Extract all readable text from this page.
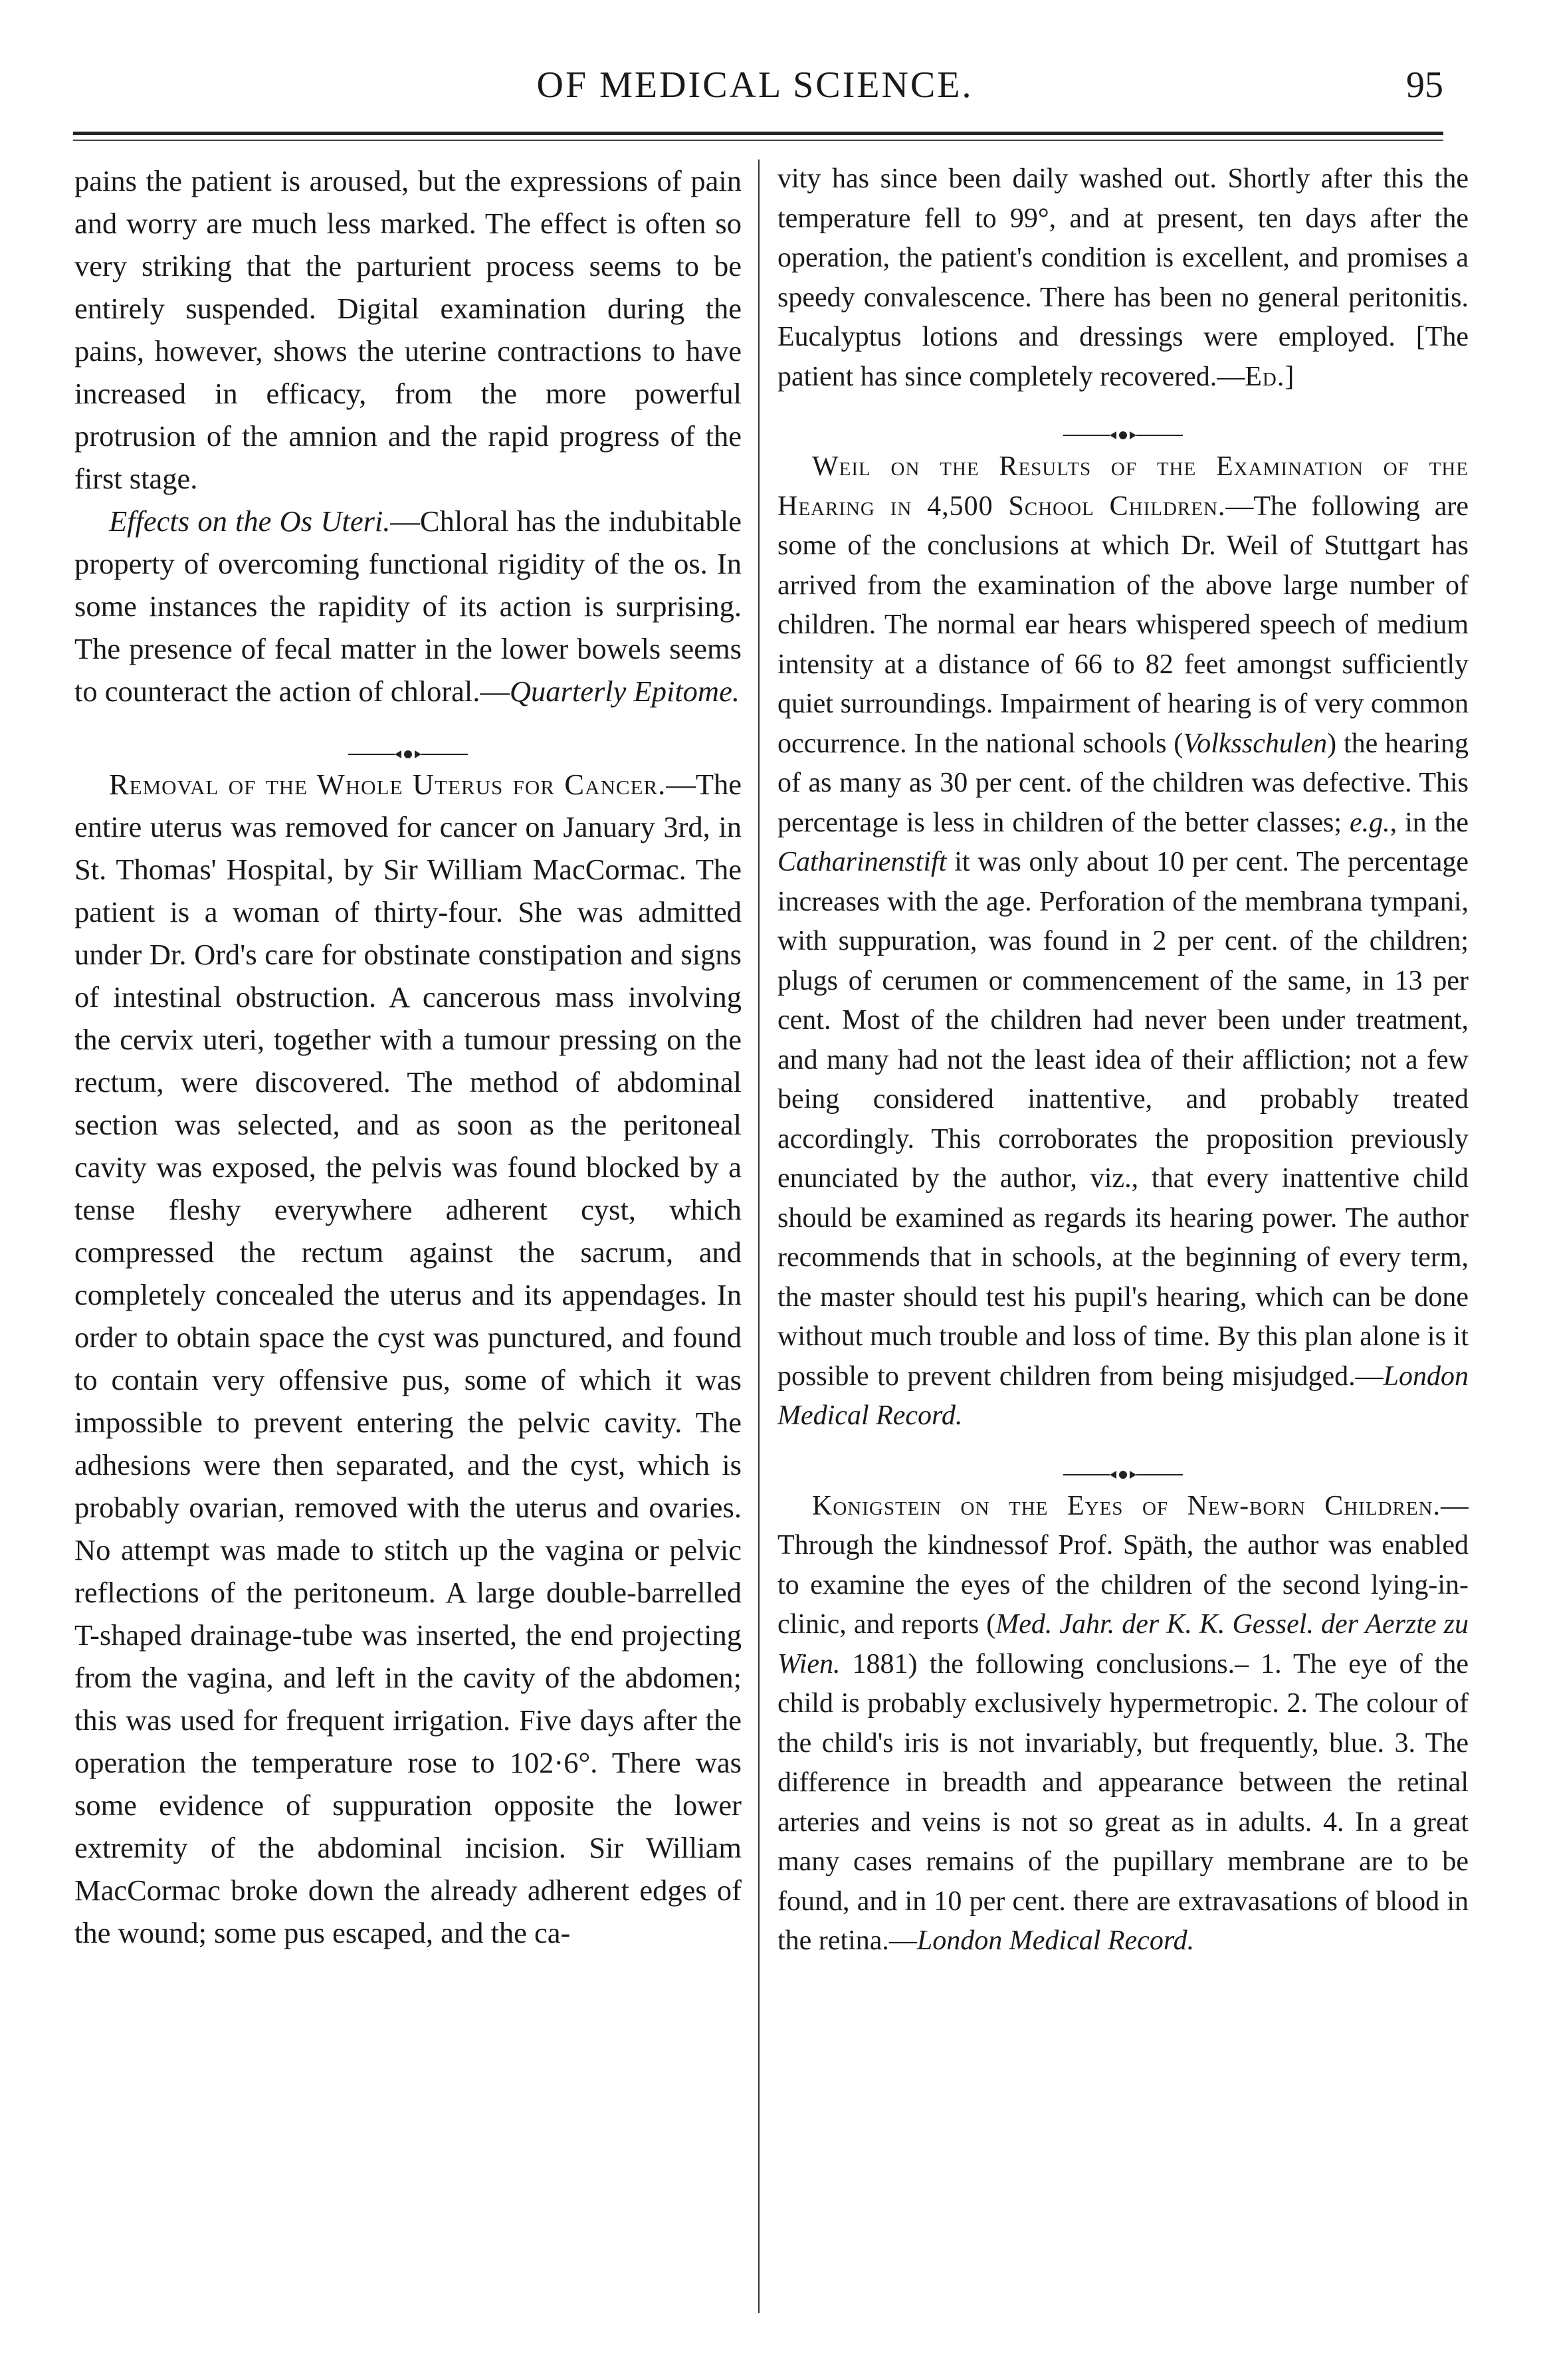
OF MEDICAL SCIENCE.	95

pains the patient is aroused, but the expressions of pain and worry are much less marked. The effect is often so very striking that the parturient process seems to be entirely suspended. Digital examination during the pains, however, shows the uterine contractions to have increased in efficacy, from the more powerful protrusion of the amnion and the rapid progress of the first stage.

Effects on the Os Uteri.—Chloral has the indubitable property of overcoming functional rigidity of the os. In some instances the rapidity of its action is surprising. The presence of fecal matter in the lower bowels seems to counteract the action of chloral.—Quarterly Epitome.

Removal of the Whole Uterus for Cancer.—The entire uterus was removed for cancer on January 3rd, in St. Thomas' Hospital, by Sir William MacCormac. The patient is a woman of thirty-four. She was admitted under Dr. Ord's care for obstinate constipation and signs of intestinal obstruction. A cancerous mass involving the cervix uteri, together with a tumour pressing on the rectum, were discovered. The method of abdominal section was selected, and as soon as the peritoneal cavity was exposed, the pelvis was found blocked by a tense fleshy everywhere adherent cyst, which compressed the rectum against the sacrum, and completely concealed the uterus and its appendages. In order to obtain space the cyst was punctured, and found to contain very offensive pus, some of which it was impossible to prevent entering the pelvic cavity. The adhesions were then separated, and the cyst, which is probably ovarian, removed with the uterus and ovaries. No attempt was made to stitch up the vagina or pelvic reflections of the peritoneum. A large double-barrelled T-shaped drainage-tube was inserted, the end projecting from the vagina, and left in the cavity of the abdomen; this was used for frequent irrigation. Five days after the operation the temperature rose to 102·6°. There was some evidence of suppuration opposite the lower extremity of the abdominal incision. Sir William MacCormac broke down the already adherent edges of the wound; some pus escaped, and the ca-

vity has since been daily washed out. Shortly after this the temperature fell to 99°, and at present, ten days after the operation, the patient's condition is excellent, and promises a speedy convalescence. There has been no general peritonitis. Eucalyptus lotions and dressings were employed. [The patient has since completely recovered.—Ed.]

Weil on the Results of the Examination of the Hearing in 4,500 School Children.—The following are some of the conclusions at which Dr. Weil of Stuttgart has arrived from the examination of the above large number of children. The normal ear hears whispered speech of medium intensity at a distance of 66 to 82 feet amongst sufficiently quiet surroundings. Impairment of hearing is of very common occurrence. In the national schools (Volksschulen) the hearing of as many as 30 per cent. of the children was defective. This percentage is less in children of the better classes; e.g., in the Catharinenstift it was only about 10 per cent. The percentage increases with the age. Perforation of the membrana tympani, with suppuration, was found in 2 per cent. of the children; plugs of cerumen or commencement of the same, in 13 per cent. Most of the children had never been under treatment, and many had not the least idea of their affliction; not a few being considered inattentive, and probably treated accordingly. This corroborates the proposition previously enunciated by the author, viz., that every inattentive child should be examined as regards its hearing power. The author recommends that in schools, at the beginning of every term, the master should test his pupil's hearing, which can be done without much trouble and loss of time. By this plan alone is it possible to prevent children from being misjudged.—London Medical Record.

Konigstein on the Eyes of New-born Children.—Through the kindnessof Prof. Späth, the author was enabled to examine the eyes of the children of the second lying-in-clinic, and reports (Med. Jahr. der K. K. Gessel. der Aerzte zu Wien. 1881) the following conclusions.– 1. The eye of the child is probably exclusively hypermetropic. 2. The colour of the child's iris is not invariably, but frequently, blue. 3. The difference in breadth and appearance between the retinal arteries and veins is not so great as in adults. 4. In a great many cases remains of the pupillary membrane are to be found, and in 10 per cent. there are extravasations of blood in the retina.—London Medical Record.
